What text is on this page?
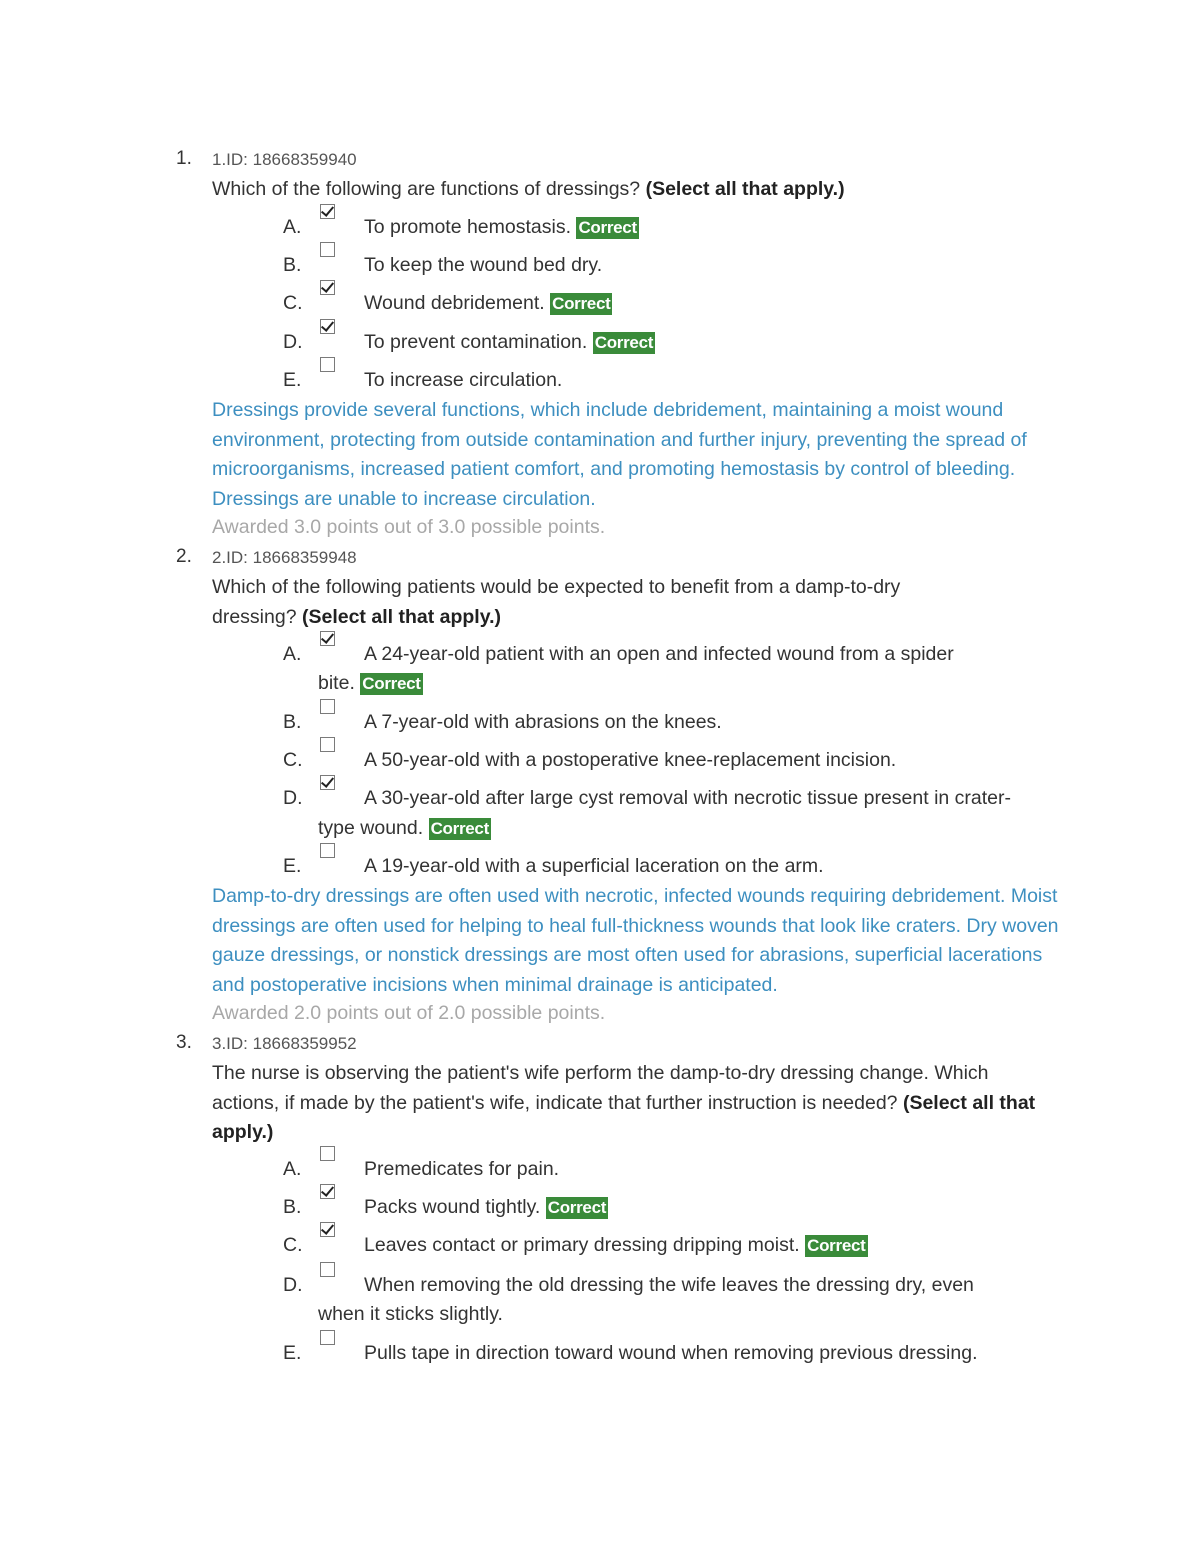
1. 1.ID: 18668359940
Which of the following are functions of dressings? (Select all that apply.)
A.	To promote hemostasis. Correct
B.	To keep the wound bed dry.
C.	Wound debridement. Correct
D.	To prevent contamination. Correct
E.	To increase circulation.
Dressings provide several functions, which include debridement, maintaining a moist wound environment, protecting from outside contamination and further injury, preventing the spread of microorganisms, increased patient comfort, and promoting hemostasis by control of bleeding. Dressings are unable to increase circulation.
Awarded 3.0 points out of 3.0 possible points.
2. 2.ID: 18668359948
Which of the following patients would be expected to benefit from a damp-to-dry dressing? (Select all that apply.)
A.	A 24-year-old patient with an open and infected wound from a spider
bite. Correct
B.	A 7-year-old with abrasions on the knees.
C.	A 50-year-old with a postoperative knee-replacement incision.
D.	A 30-year-old after large cyst removal with necrotic tissue present in crater-
type wound. Correct
E.	A 19-year-old with a superficial laceration on the arm.
Damp-to-dry dressings are often used with necrotic, infected wounds requiring debridement. Moist dressings are often used for helping to heal full-thickness wounds that look like craters. Dry woven gauze dressings, or nonstick dressings are most often used for abrasions, superficial lacerations and postoperative incisions when minimal drainage is anticipated.
Awarded 2.0 points out of 2.0 possible points.
3. 3.ID: 18668359952
The nurse is observing the patient's wife perform the damp-to-dry dressing change. Which actions, if made by the patient's wife, indicate that further instruction is needed? (Select all that apply.)
A.	Premedicates for pain.
B.	Packs wound tightly. Correct
C.	Leaves contact or primary dressing dripping moist. Correct
D.	When removing the old dressing the wife leaves the dressing dry, even
when it sticks slightly.
E.	Pulls tape in direction toward wound when removing previous dressing.
